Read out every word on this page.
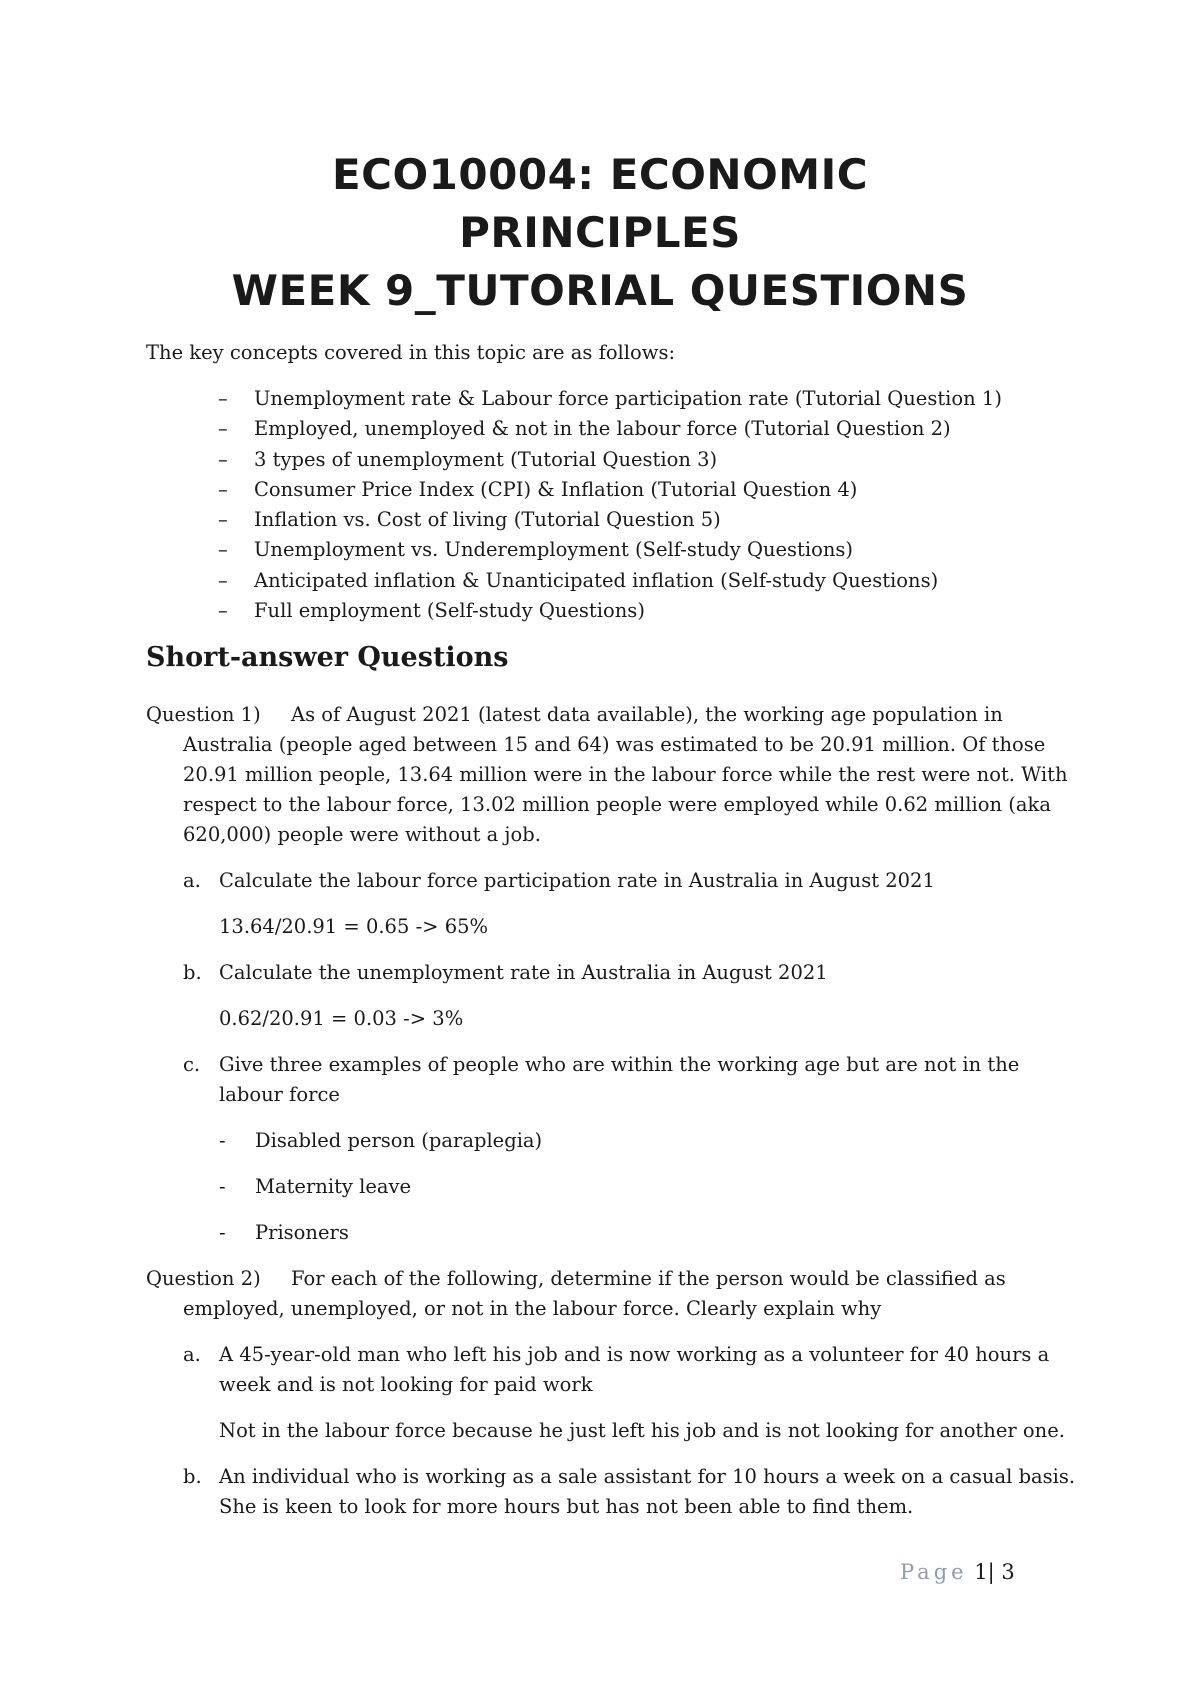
ECO10004: ECONOMIC
PRINCIPLES
WEEK 9_TUTORIAL QUESTIONS
The key concepts covered in this topic are as follows:
– Unemployment rate & Labour force participation rate (Tutorial Question 1)
– Employed, unemployed & not in the labour force (Tutorial Question 2)
– 3 types of unemployment (Tutorial Question 3)
– Consumer Price Index (CPI) & Inflation (Tutorial Question 4)
– Inflation vs. Cost of living (Tutorial Question 5)
– Unemployment vs. Underemployment (Self-study Questions)
– Anticipated inflation & Unanticipated inflation (Self-study Questions)
– Full employment (Self-study Questions)
Short-answer Questions
Question 1) As of August 2021 (latest data available), the working age population in
Australia (people aged between 15 and 64) was estimated to be 20.91 million. Of those
20.91 million people, 13.64 million were in the labour force while the rest were not. With
respect to the labour force, 13.02 million people were employed while 0.62 million (aka
620,000) people were without a job.
a. Calculate the labour force participation rate in Australia in August 2021
13.64/20.91 = 0.65 -> 65%
b. Calculate the unemployment rate in Australia in August 2021
0.62/20.91 = 0.03 -> 3%
c. Give three examples of people who are within the working age but are not in the
labour force
- Disabled person (paraplegia)
- Maternity leave
- Prisoners
Question 2) For each of the following, determine if the person would be classified as
employed, unemployed, or not in the labour force. Clearly explain why
a. A 45-year-old man who left his job and is now working as a volunteer for 40 hours a
week and is not looking for paid work
Not in the labour force because he just left his job and is not looking for another one.
b. An individual who is working as a sale assistant for 10 hours a week on a casual basis.
She is keen to look for more hours but has not been able to find them.
Page 1| 3
